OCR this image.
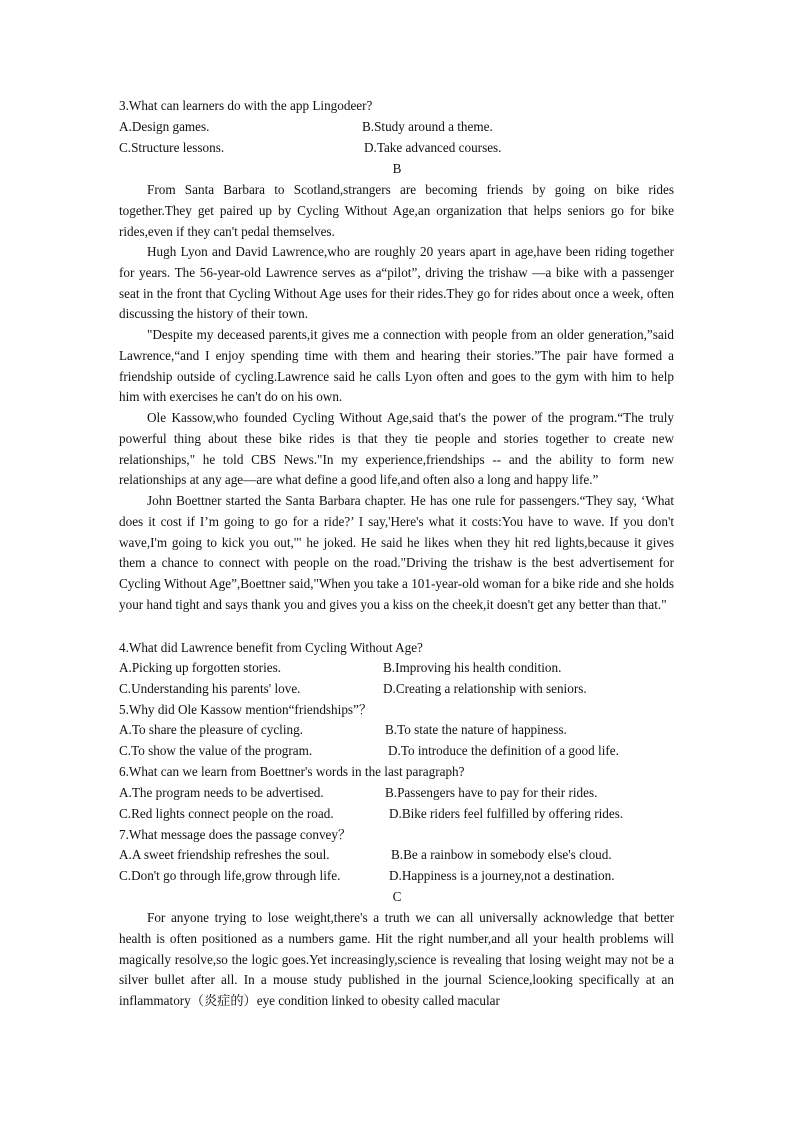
3.What can learners do with the app Lingodeer?
A.Design games.	B.Study around a theme.
C.Structure lessons.	D.Take advanced courses.
B

From Santa Barbara to Scotland,strangers are becoming friends by going on bike rides together.They get paired up by Cycling Without Age,an organization that helps seniors go for bike rides,even if they can't pedal themselves.

Hugh Lyon and David Lawrence,who are roughly 20 years apart in age,have been riding together for years. The 56-year-old Lawrence serves as a“pilot”, driving the trishaw —a bike with a passenger seat in the front that Cycling Without Age uses for their rides.They go for rides about once a week, often discussing the history of their town.

"Despite my deceased parents,it gives me a connection with people from an older generation,”said Lawrence,“and I enjoy spending time with them and hearing their stories.”The pair have formed a friendship outside of cycling.Lawrence said he calls Lyon often and goes to the gym with him to help him with exercises he can't do on his own.

Ole Kassow,who founded Cycling Without Age,said that's the power of the program.“The truly powerful thing about these bike rides is that they tie people and stories together to create new relationships," he told CBS News."In my experience,friendships -- and the ability to form new relationships at any age—are what define a good life,and often also a long and happy life.”

John Boettner started the Santa Barbara chapter. He has one rule for passengers.“They say, ‘What does it cost if I’m going to go for a ride?’ I say,'Here's what it costs:You have to wave. If you don't wave,I'm going to kick you out,'" he joked. He said he likes when they hit red lights,because it gives them a chance to connect with people on the road."Driving the trishaw is the best advertisement for Cycling Without Age”,Boettner said,"When you take a 101-year-old woman for a bike ride and she holds your hand tight and says thank you and gives you a kiss on the cheek,it doesn't get any better than that."

4.What did Lawrence benefit from Cycling Without Age?
A.Picking up forgotten stories.	B.Improving his health condition.
C.Understanding his parents' love.	D.Creating a relationship with seniors.
5.Why did Ole Kassow mention“friendships”？
A.To share the pleasure of cycling.	B.To state the nature of happiness.
C.To show the value of the program.	D.To introduce the definition of a good life.
6.What can we learn from Boettner's words in the last paragraph?
A.The program needs to be advertised.	B.Passengers have to pay for their rides.
C.Red lights connect people on the road.	D.Bike riders feel fulfilled by offering rides.
7.What message does the passage convey？
A.A sweet friendship refreshes the soul.	B.Be a rainbow in somebody else's cloud.
C.Don't go through life,grow through life.	D.Happiness is a journey,not a destination.
C

For anyone trying to lose weight,there's a truth we can all universally acknowledge that better health is often positioned as a numbers game. Hit the right number,and all your health problems will magically resolve,so the logic goes.Yet increasingly,science is revealing that losing weight may not be a silver bullet after all. In a mouse study published in the journal Science,looking specifically at an inflammatory（炎症的）eye condition linked to obesity called macular
